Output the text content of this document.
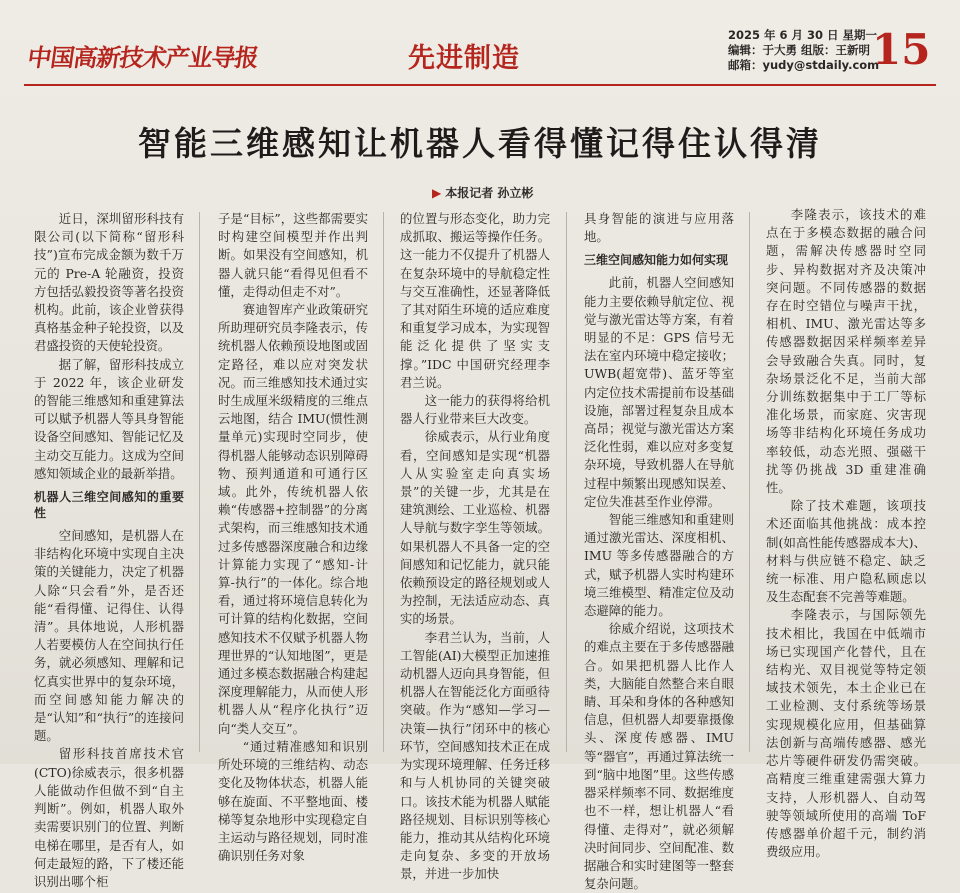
中国高新技术产业导报	先进制造
2025 年 6 月 30 日 星期一
编辑：于大勇 组版：王新明
邮箱：yudy@stdaily.com
15
智能三维感知让机器人看得懂记得住认得清
▶ 本报记者 孙立彬

近日，深圳留形科技有限公司(以下简称“留形科技”)宣布完成金额为数千万元的 Pre-A 轮融资，投资方包括弘毅投资等著名投资机构。此前，该企业曾获得真格基金种子轮投资，以及君盛投资的天使轮投资。

据了解，留形科技成立于 2022 年，该企业研发的智能三维感知和重建算法可以赋予机器人等具身智能设备空间感知、智能记忆及主动交互能力。这成为空间感知领域企业的最新举措。

机器人三维空间感知的重要性

空间感知，是机器人在非结构化环境中实现自主决策的关键能力，决定了机器人除“只会看”外，是否还能“看得懂、记得住、认得清”。具体地说，人形机器人若要模仿人在空间执行任务，就必须感知、理解和记忆真实世界中的复杂环境，而空间感知能力解决的是“认知”和“执行”的连接问题。

留形科技首席技术官(CTO)徐威表示，很多机器人能做动作但做不到“自主判断”。例如，机器人取外卖需要识别门的位置、判断电梯在哪里，是否有人，如何走最短的路，下了楼还能识别出哪个柜

子是“目标”，这些都需要实时构建空间模型并作出判断。如果没有空间感知，机器人就只能“看得见但看不懂，走得动但走不对”。

赛迪智库产业政策研究所助理研究员李隆表示，传统机器人依赖预设地图或固定路径，难以应对突发状况。而三维感知技术通过实时生成厘米级精度的三维点云地图，结合 IMU(惯性测量单元)实现时空同步，使得机器人能够动态识别障碍物、预判通道和可通行区域。此外，传统机器人依赖“传感器+控制器”的分离式架构，而三维感知技术通过多传感器深度融合和边缘计算能力实现了“感知-计算-执行”的一体化。综合地看，通过将环境信息转化为可计算的结构化数据，空间感知技术不仅赋予机器人物理世界的“认知地图”，更是通过多模态数据融合构建起深度理解能力，从而使人形机器人从“程序化执行”迈向“类人交互”。

“通过精准感知和识别所处环境的三维结构、动态变化及物体状态，机器人能够在旋面、不平整地面、楼梯等复杂地形中实现稳定自主运动与路径规划，同时准确识别任务对象

的位置与形态变化，助力完成抓取、搬运等操作任务。这一能力不仅提升了机器人在复杂环境中的导航稳定性与交互准确性，还显著降低了其对陌生环境的适应难度和重复学习成本，为实现智能泛化提供了坚实支撑。”IDC 中国研究经理李君兰说。

这一能力的获得将给机器人行业带来巨大改变。

徐威表示，从行业角度看，空间感知是实现“机器人从实验室走向真实场景”的关键一步，尤其是在建筑测绘、工业巡检、机器人导航与数字孪生等领域。如果机器人不具备一定的空间感知和记忆能力，就只能依赖预设定的路径规划或人为控制，无法适应动态、真实的场景。

李君兰认为，当前，人工智能(AI)大模型正加速推动机器人迈向具身智能，但机器人在智能泛化方面亟待突破。作为“感知—学习—决策—执行”闭环中的核心环节，空间感知技术正在成为实现环境理解、任务迁移和与人机协同的关键突破口。该技术能为机器人赋能路径规划、目标识别等核心能力，推动其从结构化环境走向复杂、多变的开放场景，并进一步加快

具身智能的演进与应用落地。

三维空间感知能力如何实现

此前，机器人空间感知能力主要依赖导航定位、视觉与激光雷达等方案，有着明显的不足：GPS 信号无法在室内环境中稳定接收；UWB(超宽带)、蓝牙等室内定位技术需提前布设基础设施，部署过程复杂且成本高昂；视觉与激光雷达方案泛化性弱，难以应对多变复杂环境，导致机器人在导航过程中频繁出现感知误差、定位失准甚至作业停滞。

智能三维感知和重建则通过激光雷达、深度相机、IMU 等多传感器融合的方式，赋予机器人实时构建环境三维模型、精准定位及动态避障的能力。

徐威介绍说，这项技术的难点主要在于多传感器融合。如果把机器人比作人类，大脑能自然整合来自眼睛、耳朵和身体的各种感知信息，但机器人却要靠摄像头、深度传感器、IMU 等“器官”，再通过算法统一到“脑中地图”里。这些传感器采样频率不同、数据维度也不一样，想让机器人“看得懂、走得对”，就必须解决时间同步、空间配准、数据融合和实时建图等一整套复杂问题。

李隆表示，该技术的难点在于多模态数据的融合问题，需解决传感器时空同步、异构数据对齐及决策冲突问题。不同传感器的数据存在时空错位与噪声干扰，相机、IMU、激光雷达等多传感器数据因采样频率差异会导致融合失真。同时，复杂场景泛化不足，当前大部分训练数据集中于工厂等标准化场景，而家庭、灾害现场等非结构化环境任务成功率较低，动态光照、强磁干扰等仍挑战 3D 重建准确性。

除了技术难题，该项技术还面临其他挑战：成本控制(如高性能传感器成本大)、材料与供应链不稳定、缺乏统一标准、用户隐私顾虑以及生态配套不完善等难题。

李隆表示，与国际领先技术相比，我国在中低端市场已实现国产化替代，且在结构光、双目视觉等特定领域技术领先，本土企业已在工业检测、支付系统等场景实现规模化应用，但基础算法创新与高端传感器、感光芯片等硬件研发仍需突破。高精度三维重建需强大算力支持，人形机器人、自动驾驶等领域所使用的高端 ToF 传感器单价超千元，制约消费级应用。
